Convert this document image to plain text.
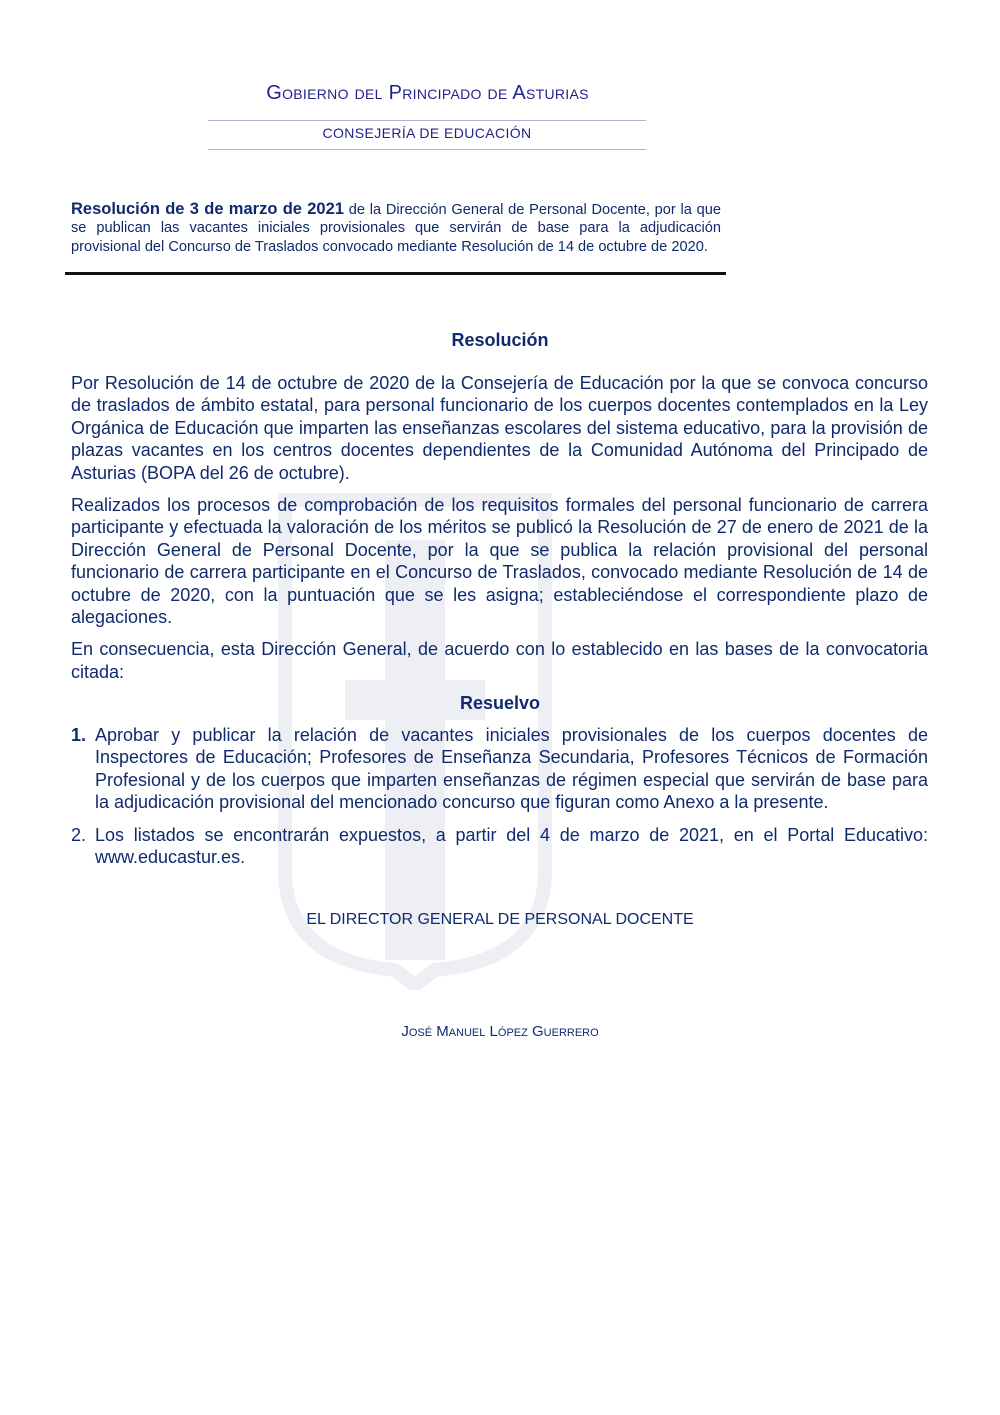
Gobierno del Principado de Asturias
CONSEJERÍA DE EDUCACIÓN
Resolución de 3 de marzo de 2021 de la Dirección General de Personal Docente, por la que se publican las vacantes iniciales provisionales que servirán de base para la adjudicación provisional del Concurso de Traslados convocado mediante Resolución de 14 de octubre de 2020.
Resolución

Por Resolución de 14 de octubre de 2020 de la Consejería de Educación por la que se convoca concurso de traslados de ámbito estatal, para personal funcionario de los cuerpos docentes contemplados en la Ley Orgánica de Educación que imparten las enseñanzas escolares del sistema educativo, para la provisión de plazas vacantes en los centros docentes dependientes de la Comunidad Autónoma del Principado de Asturias (BOPA del 26 de octubre).

Realizados los procesos de comprobación de los requisitos formales del personal funcionario de carrera participante y efectuada la valoración de los méritos se publicó la Resolución de 27 de enero de 2021 de la Dirección General de Personal Docente, por la que se publica la relación provisional del personal funcionario de carrera participante en el Concurso de Traslados, convocado mediante Resolución de 14 de octubre de 2020, con la puntuación que se les asigna; estableciéndose el correspondiente plazo de alegaciones.

En consecuencia, esta Dirección General, de acuerdo con lo establecido en las bases de la convocatoria citada:

Resuelvo
1. Aprobar y publicar la relación de vacantes iniciales provisionales de los cuerpos docentes de Inspectores de Educación; Profesores de Enseñanza Secundaria, Profesores Técnicos de Formación Profesional y de los cuerpos que imparten enseñanzas de régimen especial que servirán de base para la adjudicación provisional del mencionado concurso que figuran como Anexo a la presente.
2. Los listados se encontrarán expuestos, a partir del 4 de marzo de 2021, en el Portal Educativo: www.educastur.es.
EL DIRECTOR GENERAL DE PERSONAL DOCENTE
José Manuel López Guerrero
